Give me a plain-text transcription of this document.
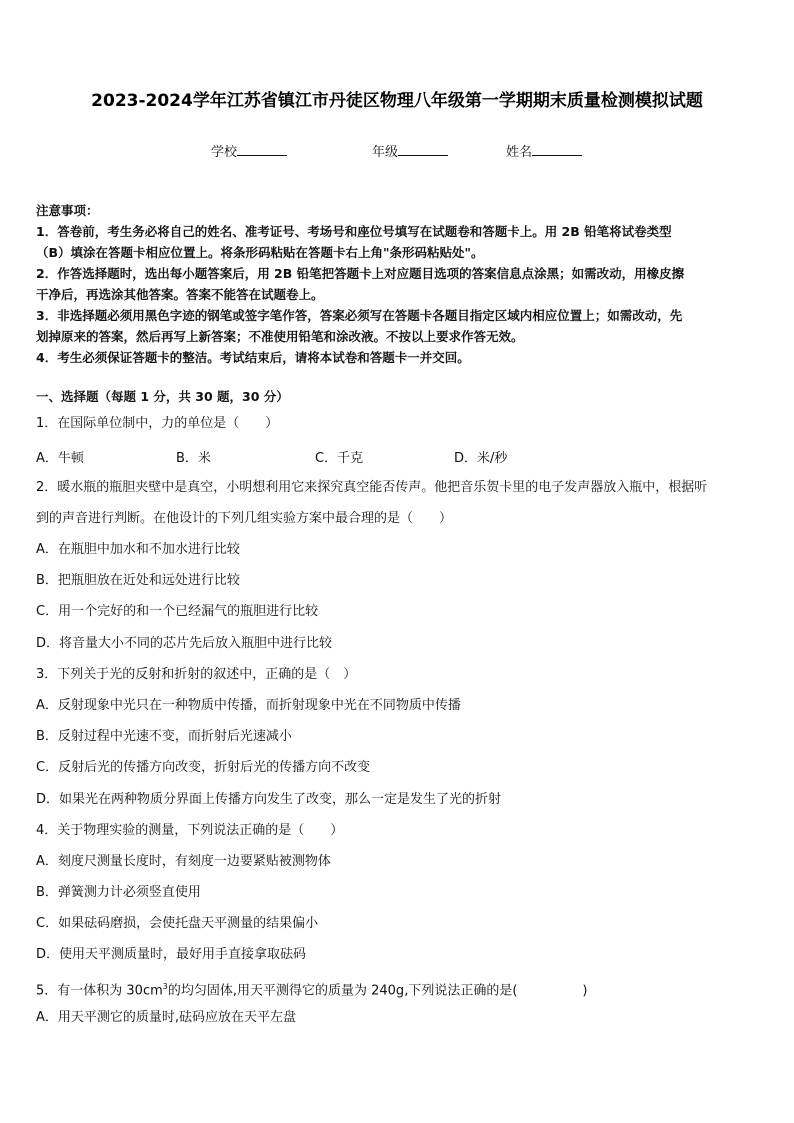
2023-2024学年江苏省镇江市丹徒区物理八年级第一学期期末质量检测模拟试题
学校	年级	姓名
注意事项：
1．答卷前，考生务必将自己的姓名、准考证号、考场号和座位号填写在试题卷和答题卡上。用 2B 铅笔将试卷类型
（B）填涂在答题卡相应位置上。将条形码粘贴在答题卡右上角"条形码粘贴处"。
2．作答选择题时，选出每小题答案后，用 2B 铅笔把答题卡上对应题目选项的答案信息点涂黑；如需改动，用橡皮擦
干净后，再选涂其他答案。答案不能答在试题卷上。
3．非选择题必须用黑色字迹的钢笔或签字笔作答，答案必须写在答题卡各题目指定区域内相应位置上；如需改动，先
划掉原来的答案，然后再写上新答案；不准使用铅笔和涂改液。不按以上要求作答无效。
4．考生必须保证答题卡的整洁。考试结束后，请将本试卷和答题卡一并交回。
一、选择题（每题 1 分，共 30 题，30 分）
1．在国际单位制中，力的单位是（　　）
A．牛顿	B．米	C．千克	D．米/秒
2．暖水瓶的瓶胆夹壁中是真空，小明想利用它来探究真空能否传声。他把音乐贺卡里的电子发声器放入瓶中，根据听
到的声音进行判断。在他设计的下列几组实验方案中最合理的是（　　）
A．在瓶胆中加水和不加水进行比较
B．把瓶胆放在近处和远处进行比较
C．用一个完好的和一个已经漏气的瓶胆进行比较
D．将音量大小不同的芯片先后放入瓶胆中进行比较
3．下列关于光的反射和折射的叙述中，正确的是（　）
A．反射现象中光只在一种物质中传播，而折射现象中光在不同物质中传播
B．反射过程中光速不变，而折射后光速减小
C．反射后光的传播方向改变，折射后光的传播方向不改变
D．如果光在两种物质分界面上传播方向发生了改变，那么一定是发生了光的折射
4．关于物理实验的测量，下列说法正确的是（　　）
A．刻度尺测量长度时，有刻度一边要紧贴被测物体
B．弹簧测力计必须竖直使用
C．如果砝码磨损，会使托盘天平测量的结果偏小
D．使用天平测质量时，最好用手直接拿取砝码
5．有一体积为 $30cm^3$的均匀固体,用天平测得它的质量为 240g,下列说法正确的是(　　　　　)
A．用天平测它的质量时,砝码应放在天平左盘
